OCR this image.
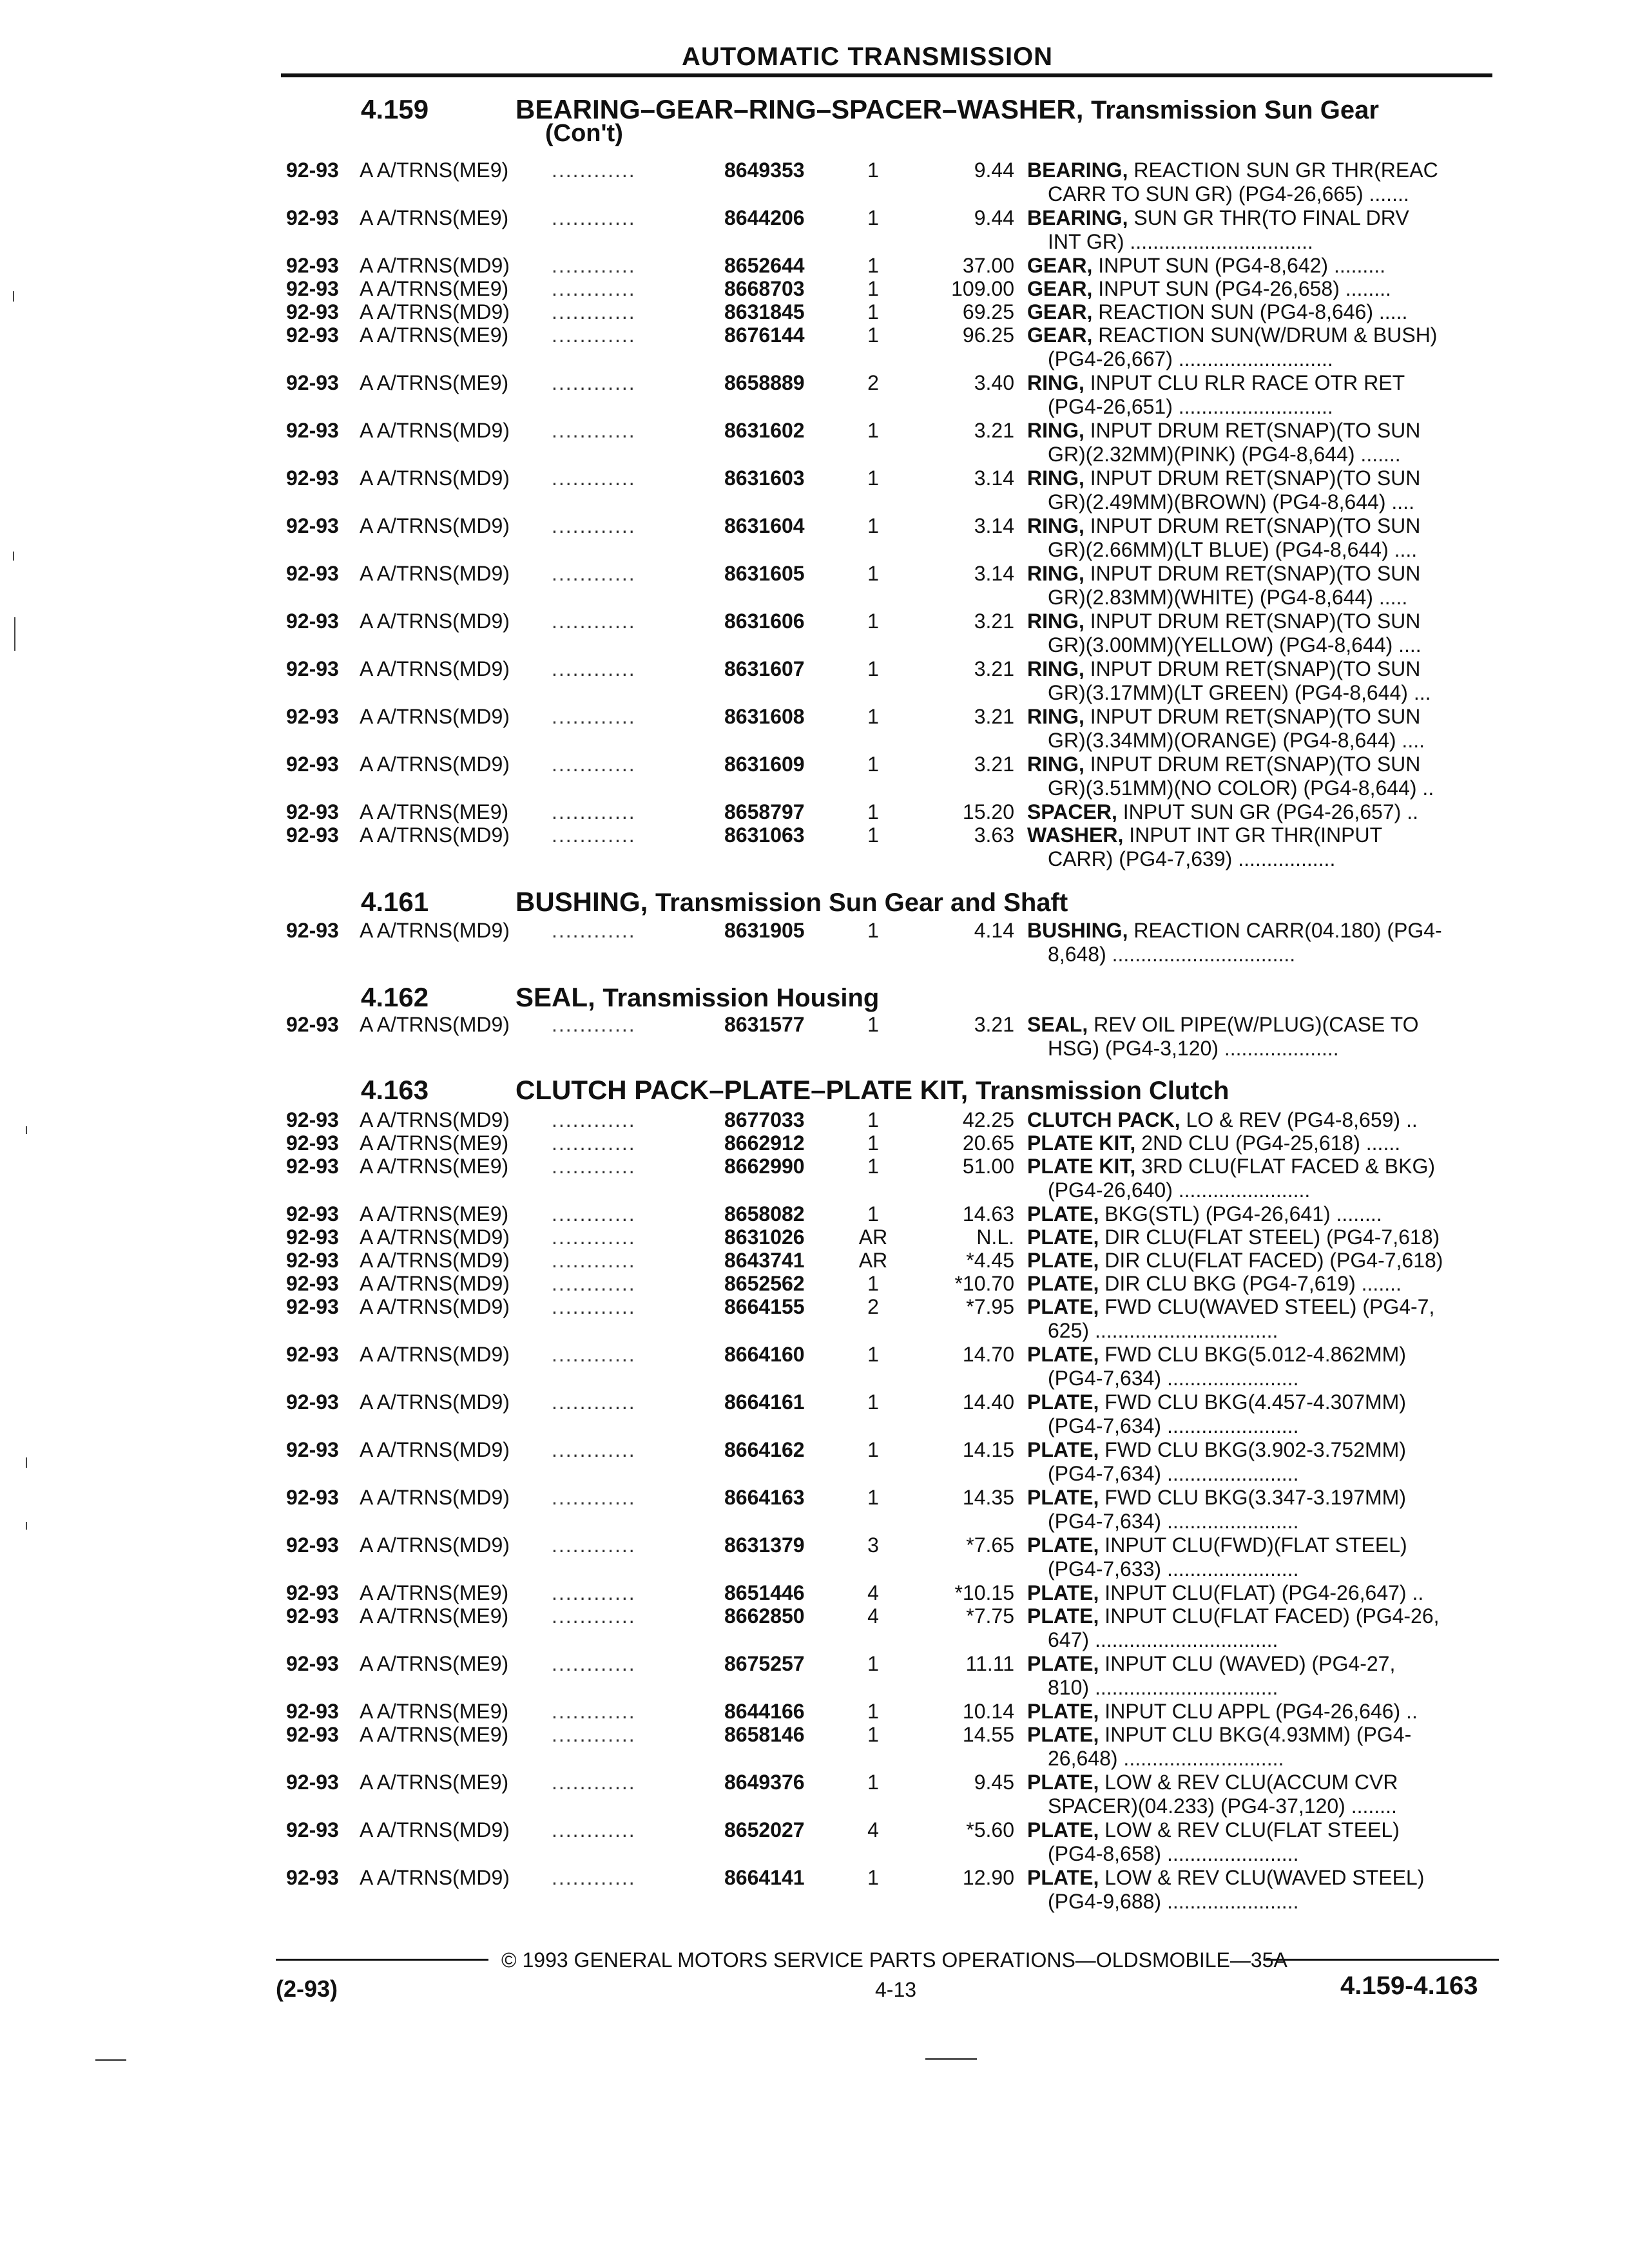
AUTOMATIC TRANSMISSION
4.159	BEARING–GEAR–RING–SPACER–WASHER, Transmission Sun Gear
(Con't)
92-93 A A/TRNS(ME9) ............	8649353	1	9.44 BEARING, REACTION SUN GR THR(REAC
CARR TO SUN GR) (PG4-26,665) .......
92-93 A A/TRNS(ME9) ............	8644206	1	9.44 BEARING, SUN GR THR(TO FINAL DRV
INT GR) ................................
92-93 A A/TRNS(MD9) ............	8652644	1	37.00 GEAR, INPUT SUN (PG4-8,642) .........
92-93 A A/TRNS(ME9) ............	8668703	1	109.00 GEAR, INPUT SUN (PG4-26,658) ........
92-93 A A/TRNS(MD9) ............	8631845	1	69.25 GEAR, REACTION SUN (PG4-8,646) .....
92-93 A A/TRNS(ME9) ............	8676144	1	96.25 GEAR, REACTION SUN(W/DRUM & BUSH)
(PG4-26,667) ...........................
92-93 A A/TRNS(ME9) ............	8658889	2	3.40 RING, INPUT CLU RLR RACE OTR RET
(PG4-26,651) ...........................
92-93 A A/TRNS(MD9) ............	8631602	1	3.21 RING, INPUT DRUM RET(SNAP)(TO SUN
GR)(2.32MM)(PINK) (PG4-8,644) .......
92-93 A A/TRNS(MD9) ............	8631603	1	3.14 RING, INPUT DRUM RET(SNAP)(TO SUN
GR)(2.49MM)(BROWN) (PG4-8,644) ....
92-93 A A/TRNS(MD9) ............	8631604	1	3.14 RING, INPUT DRUM RET(SNAP)(TO SUN
GR)(2.66MM)(LT BLUE) (PG4-8,644) ....
92-93 A A/TRNS(MD9) ............	8631605	1	3.14 RING, INPUT DRUM RET(SNAP)(TO SUN
GR)(2.83MM)(WHITE) (PG4-8,644) .....
92-93 A A/TRNS(MD9) ............	8631606	1	3.21 RING, INPUT DRUM RET(SNAP)(TO SUN
GR)(3.00MM)(YELLOW) (PG4-8,644) ....
92-93 A A/TRNS(MD9) ............	8631607	1	3.21 RING, INPUT DRUM RET(SNAP)(TO SUN
GR)(3.17MM)(LT GREEN) (PG4-8,644) ...
92-93 A A/TRNS(MD9) ............	8631608	1	3.21 RING, INPUT DRUM RET(SNAP)(TO SUN
GR)(3.34MM)(ORANGE) (PG4-8,644) ....
92-93 A A/TRNS(MD9) ............	8631609	1	3.21 RING, INPUT DRUM RET(SNAP)(TO SUN
GR)(3.51MM)(NO COLOR) (PG4-8,644) ..
92-93 A A/TRNS(ME9) ............	8658797	1	15.20 SPACER, INPUT SUN GR (PG4-26,657) ..
92-93 A A/TRNS(MD9) ............	8631063	1	3.63 WASHER, INPUT INT GR THR(INPUT
CARR) (PG4-7,639) .................
4.161	BUSHING, Transmission Sun Gear and Shaft
92-93 A A/TRNS(MD9) ............	8631905	1	4.14 BUSHING, REACTION CARR(04.180) (PG4-
8,648) ................................
4.162	SEAL, Transmission Housing
92-93 A A/TRNS(MD9) ............	8631577	1	3.21 SEAL, REV OIL PIPE(W/PLUG)(CASE TO
HSG) (PG4-3,120) ....................
4.163	CLUTCH PACK–PLATE–PLATE KIT, Transmission Clutch
92-93 A A/TRNS(MD9) ............	8677033	1	42.25 CLUTCH PACK, LO & REV (PG4-8,659) ..
92-93 A A/TRNS(ME9) ............	8662912	1	20.65 PLATE KIT, 2ND CLU (PG4-25,618) ......
92-93 A A/TRNS(ME9) ............	8662990	1	51.00 PLATE KIT, 3RD CLU(FLAT FACED & BKG)
(PG4-26,640) .......................
92-93 A A/TRNS(ME9) ............	8658082	1	14.63 PLATE, BKG(STL) (PG4-26,641) ........
92-93 A A/TRNS(MD9) ............	8631026	AR	N.L. PLATE, DIR CLU(FLAT STEEL) (PG4-7,618)
92-93 A A/TRNS(MD9) ............	8643741	AR	*4.45 PLATE, DIR CLU(FLAT FACED) (PG4-7,618)
92-93 A A/TRNS(MD9) ............	8652562	1	*10.70 PLATE, DIR CLU BKG (PG4-7,619) .......
92-93 A A/TRNS(MD9) ............	8664155	2	*7.95 PLATE, FWD CLU(WAVED STEEL) (PG4-7,
625) ................................
92-93 A A/TRNS(MD9) ............	8664160	1	14.70 PLATE, FWD CLU BKG(5.012-4.862MM)
(PG4-7,634) .......................
92-93 A A/TRNS(MD9) ............	8664161	1	14.40 PLATE, FWD CLU BKG(4.457-4.307MM)
(PG4-7,634) .......................
92-93 A A/TRNS(MD9) ............	8664162	1	14.15 PLATE, FWD CLU BKG(3.902-3.752MM)
(PG4-7,634) .......................
92-93 A A/TRNS(MD9) ............	8664163	1	14.35 PLATE, FWD CLU BKG(3.347-3.197MM)
(PG4-7,634) .......................
92-93 A A/TRNS(MD9) ............	8631379	3	*7.65 PLATE, INPUT CLU(FWD)(FLAT STEEL)
(PG4-7,633) .......................
92-93 A A/TRNS(ME9) ............	8651446	4	*10.15 PLATE, INPUT CLU(FLAT) (PG4-26,647) ..
92-93 A A/TRNS(ME9) ............	8662850	4	*7.75 PLATE, INPUT CLU(FLAT FACED) (PG4-26,
647) ................................
92-93 A A/TRNS(ME9) ............	8675257	1	11.11 PLATE, INPUT CLU (WAVED) (PG4-27,
810) ................................
92-93 A A/TRNS(ME9) ............	8644166	1	10.14 PLATE, INPUT CLU APPL (PG4-26,646) ..
92-93 A A/TRNS(ME9) ............	8658146	1	14.55 PLATE, INPUT CLU BKG(4.93MM) (PG4-
26,648) ............................
92-93 A A/TRNS(ME9) ............	8649376	1	9.45 PLATE, LOW & REV CLU(ACCUM CVR
SPACER)(04.233) (PG4-37,120) ........
92-93 A A/TRNS(MD9) ............	8652027	4	*5.60 PLATE, LOW & REV CLU(FLAT STEEL)
(PG4-8,658) .......................
92-93 A A/TRNS(MD9) ............	8664141	1	12.90 PLATE, LOW & REV CLU(WAVED STEEL)
(PG4-9,688) .......................
© 1993 GENERAL MOTORS SERVICE PARTS OPERATIONS—OLDSMOBILE—35A
(2-93)	4-13	4.159-4.163
